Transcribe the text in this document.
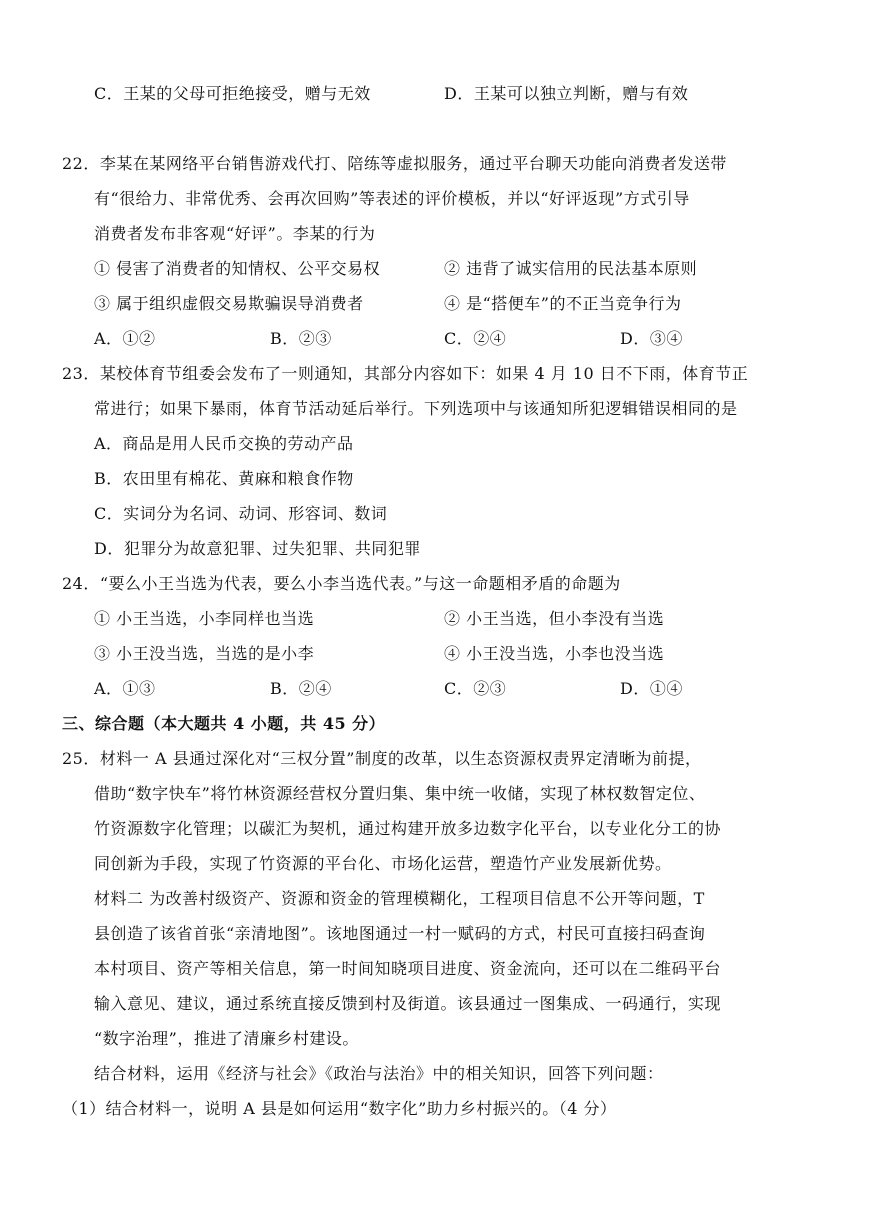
C．王某的父母可拒绝接受，赠与无效	D．王某可以独立判断，赠与有效
22．李某在某网络平台销售游戏代打、陪练等虚拟服务，通过平台聊天功能向消费者发送带
有“很给力、非常优秀、会再次回购”等表述的评价模板，并以“好评返现”方式引导
消费者发布非客观“好评”。李某的行为
① 侵害了消费者的知情权、公平交易权	② 违背了诚实信用的民法基本原则
③ 属于组织虚假交易欺骗误导消费者	④ 是“搭便车”的不正当竞争行为
A．①②	B．②③	C．②④	D．③④
23．某校体育节组委会发布了一则通知，其部分内容如下：如果 4 月 10 日不下雨，体育节正
常进行；如果下暴雨，体育节活动延后举行。下列选项中与该通知所犯逻辑错误相同的是
A．商品是用人民币交换的劳动产品
B．农田里有棉花、黄麻和粮食作物
C．实词分为名词、动词、形容词、数词
D．犯罪分为故意犯罪、过失犯罪、共同犯罪
24．“要么小王当选为代表，要么小李当选代表。”与这一命题相矛盾的命题为
① 小王当选，小李同样也当选	② 小王当选，但小李没有当选
③ 小王没当选，当选的是小李	④ 小王没当选，小李也没当选
A．①③	B．②④	C．②③	D．①④
三、综合题（本大题共 4 小题，共 45 分）
25．材料一 A 县通过深化对“三权分置”制度的改革，以生态资源权责界定清晰为前提，
借助“数字快车”将竹林资源经营权分置归集、集中统一收储，实现了林权数智定位、
竹资源数字化管理；以碳汇为契机，通过构建开放多边数字化平台，以专业化分工的协
同创新为手段，实现了竹资源的平台化、市场化运营，塑造竹产业发展新优势。
材料二 为改善村级资产、资源和资金的管理模糊化，工程项目信息不公开等问题，T
县创造了该省首张“亲清地图”。该地图通过一村一赋码的方式，村民可直接扫码查询
本村项目、资产等相关信息，第一时间知晓项目进度、资金流向，还可以在二维码平台
输入意见、建议，通过系统直接反馈到村及街道。该县通过一图集成、一码通行，实现
“数字治理”，推进了清廉乡村建设。
结合材料，运用《经济与社会》《政治与法治》中的相关知识，回答下列问题：
（1）结合材料一，说明 A 县是如何运用“数字化”助力乡村振兴的。（4 分）
